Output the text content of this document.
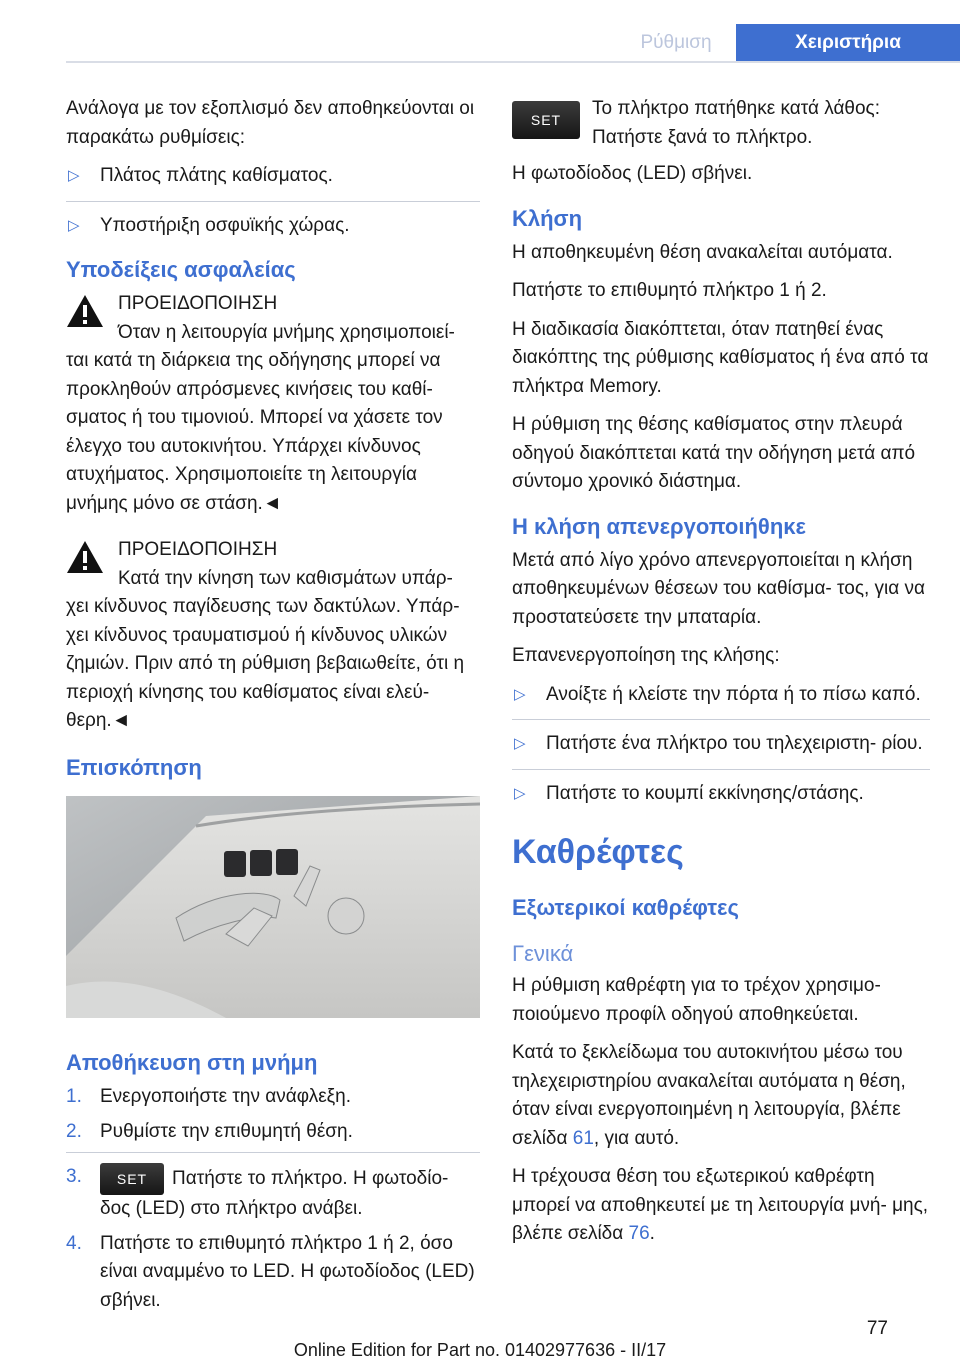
Ρύθμιση	Χειριστήρια

Ανάλογα με τον εξοπλισμό δεν αποθηκεύονται οι παρακάτω ρυθμίσεις:

▷ Πλάτος πλάτης καθίσματος.
▷ Υποστήριξη οσφυϊκής χώρας.
Υποδείξεις ασφαλείας
ΠΡΟΕΙΔΟΠΟΙΗΣΗ
Όταν η λειτουργία μνήμης χρησιμοποιεί- ται κατά τη διάρκεια της οδήγησης μπορεί να προκληθούν απρόσμενες κινήσεις του καθί- σματος ή του τιμονιού. Μπορεί να χάσετε τον έλεγχο του αυτοκινήτου. Υπάρχει κίνδυνος ατυχήματος. Χρησιμοποιείτε τη λειτουργία μνήμης μόνο σε στάση.◄
ΠΡΟΕΙΔΟΠΟΙΗΣΗ
Κατά την κίνηση των καθισμάτων υπάρ- χει κίνδυνος παγίδευσης των δακτύλων. Υπάρ- χει κίνδυνος τραυματισμού ή κίνδυνος υλικών ζημιών. Πριν από τη ρύθμιση βεβαιωθείτε, ότι η περιοχή κίνησης του καθίσματος είναι ελεύ- θερη.◄
Επισκόπηση
Αποθήκευση στη μνήμη
1. Ενεργοποιήστε την ανάφλεξη.
2. Ρυθμίστε την επιθυμητή θέση.
3.	SET Πατήστε το πλήκτρο. Η φωτοδίο- δος (LED) στο πλήκτρο ανάβει.
4. Πατήστε το επιθυμητό πλήκτρο 1 ή 2, όσο είναι αναμμένο το LED. Η φωτοδίοδος (LED) σβήνει.
SET
Το πλήκτρο πατήθηκε κατά λάθος:
Πατήστε ξανά το πλήκτρο.

Η φωτοδίοδος (LED) σβήνει.

Κλήση

Η αποθηκευμένη θέση ανακαλείται αυτόματα.

Πατήστε το επιθυμητό πλήκτρο 1 ή 2.

Η διαδικασία διακόπτεται, όταν πατηθεί ένας διακόπτης της ρύθμισης καθίσματος ή ένα από τα πλήκτρα Memory.

Η ρύθμιση της θέσης καθίσματος στην πλευρά οδηγού διακόπτεται κατά την οδήγηση μετά από σύντομο χρονικό διάστημα.

Η κλήση απενεργοποιήθηκε

Μετά από λίγο χρόνο απενεργοποιείται η κλήση αποθηκευμένων θέσεων του καθίσμα- τος, για να προστατεύσετε την μπαταρία.

Επανενεργοποίηση της κλήσης:

▷ Ανοίξτε ή κλείστε την πόρτα ή το πίσω καπό.
▷ Πατήστε ένα πλήκτρο του τηλεχειριστη- ρίου.
▷ Πατήστε το κουμπί εκκίνησης/στάσης.
Καθρέφτες
Εξωτερικοί καθρέφτες
Γενικά

Η ρύθμιση καθρέφτη για το τρέχον χρησιμο- ποιούμενο προφίλ οδηγού αποθηκεύεται.

Κατά το ξεκλείδωμα του αυτοκινήτου μέσω του τηλεχειριστηρίου ανακαλείται αυτόματα η θέση, όταν είναι ενεργοποιημένη η λειτουργία, βλέπε σελίδα 61, για αυτό.

Η τρέχουσα θέση του εξωτερικού καθρέφτη μπορεί να αποθηκευτεί με τη λειτουργία μνή- μης, βλέπε σελίδα 76.

77
Online Edition for Part no. 01402977636 - II/17
